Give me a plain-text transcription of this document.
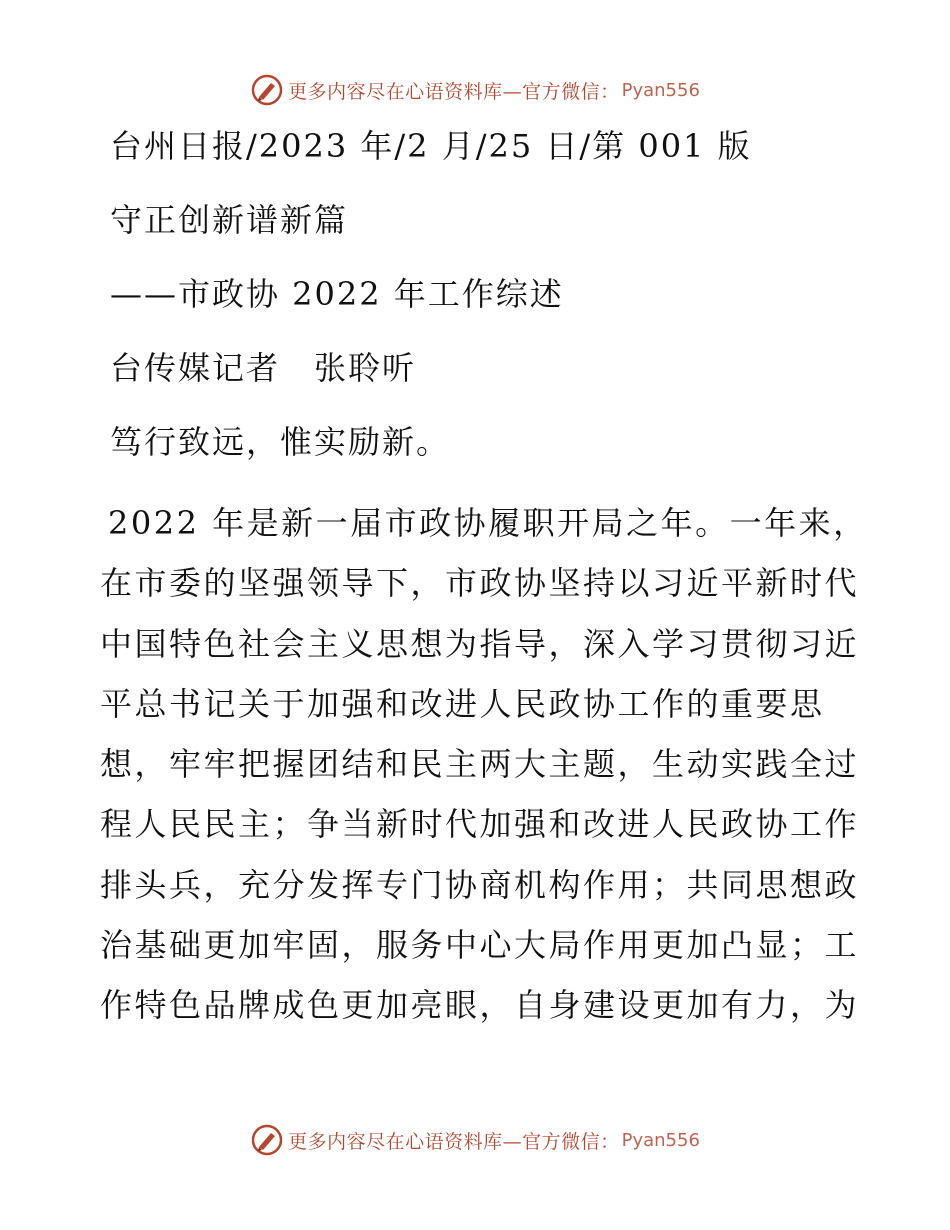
更多内容尽在心语资料库—官方微信： Pyan556
台州日报/2023 年/2 月/25 日/第 001 版
守正创新谱新篇
——市政协 2022 年工作综述
台传媒记者　张聆听
笃行致远，惟实励新。
2022 年是新一届市政协履职开局之年。一年来，
在市委的坚强领导下，市政协坚持以习近平新时代
中国特色社会主义思想为指导，深入学习贯彻习近
平总书记关于加强和改进人民政协工作的重要思
想，牢牢把握团结和民主两大主题，生动实践全过
程人民民主；争当新时代加强和改进人民政协工作
排头兵，充分发挥专门协商机构作用；共同思想政
治基础更加牢固，服务中心大局作用更加凸显；工
作特色品牌成色更加亮眼，自身建设更加有力，为
更多内容尽在心语资料库—官方微信： Pyan556
